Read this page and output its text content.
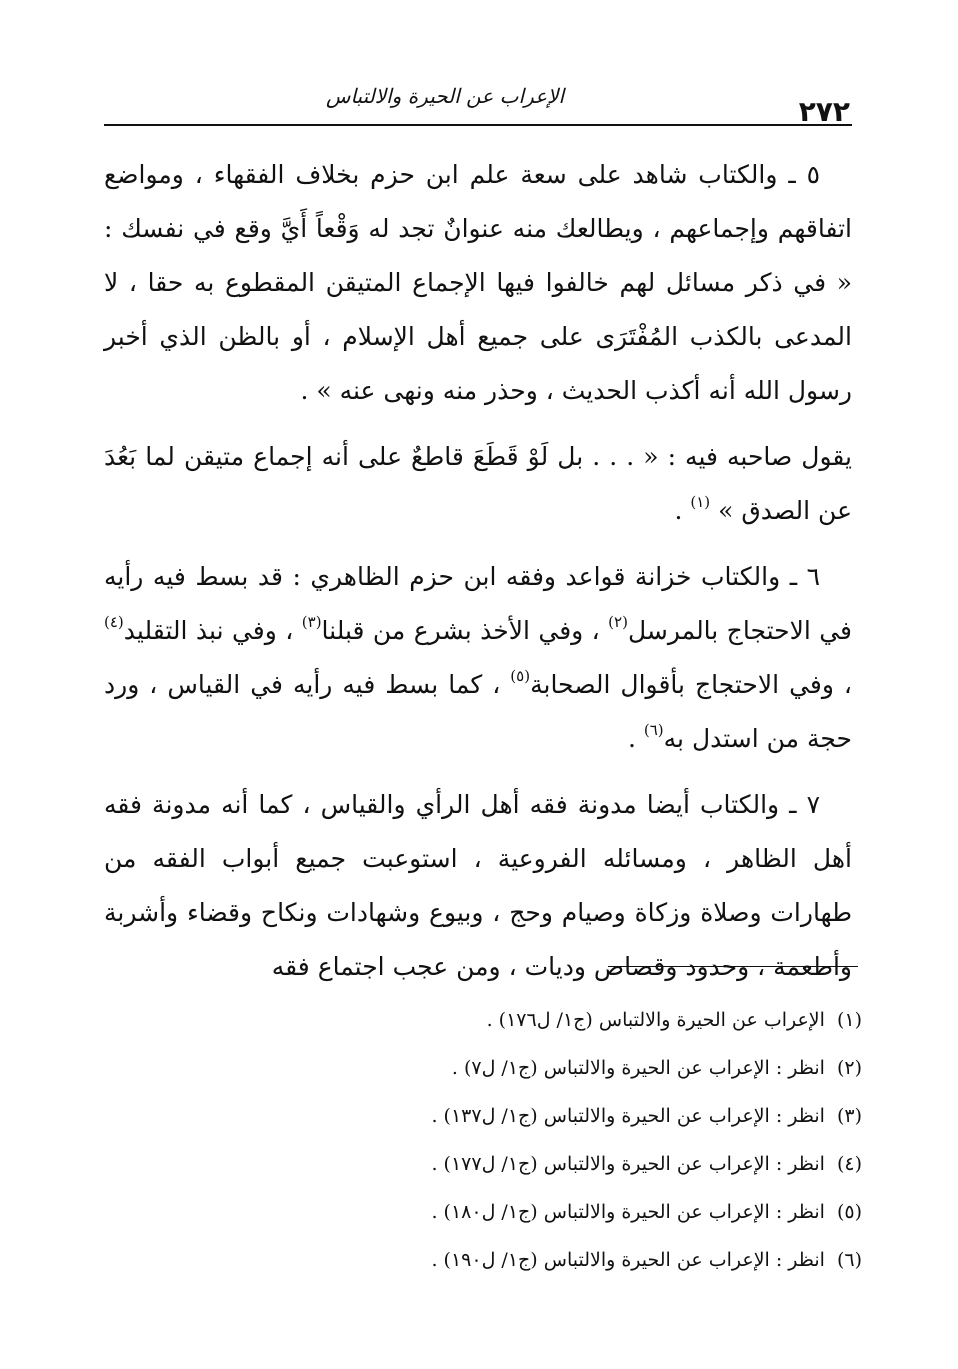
الإعراب عن الحيرة والالتباس	٢٧٢

٥ ـ والكتاب شاهد على سعة علم ابن حزم بخلاف الفقهاء ، ومواضع اتفاقهم وإجماعهم ، ويطالعك منه عنوانٌ تجد له وَقْعاً أَيَّ وقع في نفسك : « في ذكر مسائل لهم خالفوا فيها الإجماع المتيقن المقطوع به حقا ، لا المدعى بالكذب المُفْتَرَى على جميع أهل الإسلام ، أو بالظن الذي أخبر رسول الله أنه أكذب الحديث ، وحذر منه ونهى عنه » .

يقول صاحبه فيه : « . . . بل لَوْ قَطَعَ قاطعٌ على أنه إجماع متيقن لما بَعُدَ عن الصدق » $^{(١)}$ .

٦ ـ والكتاب خزانة قواعد وفقه ابن حزم الظاهري : قد بسط فيه رأيه في الاحتجاج بالمرسل$^{(٢)}$ ، وفي الأخذ بشرع من قبلنا$^{(٣)}$ ، وفي نبذ التقليد$^{(٤)}$ ، وفي الاحتجاج بأقوال الصحابة$^{(٥)}$ ، كما بسط فيه رأيه في القياس ، ورد حجة من استدل به$^{(٦)}$ .

٧ ـ والكتاب أيضا مدونة فقه أهل الرأي والقياس ، كما أنه مدونة فقه أهل الظاهر ، ومسائله الفروعية ، استوعبت جميع أبواب الفقه من طهارات وصلاة وزكاة وصيام وحج ، وبيوع وشهادات ونكاح وقضاء وأشربة وأطعمة ، وحدود وقصاص وديات ، ومن عجب اجتماع فقه

(١)الإعراب عن الحيرة والالتباس (ج١/ ل١٧٦) .
(٢)انظر : الإعراب عن الحيرة والالتباس (ج١/ ل٧) .
(٣)انظر : الإعراب عن الحيرة والالتباس (ج١/ ل١٣٧) .
(٤)انظر : الإعراب عن الحيرة والالتباس (ج١/ ل١٧٧) .
(٥)انظر : الإعراب عن الحيرة والالتباس (ج١/ ل١٨٠) .
(٦)انظر : الإعراب عن الحيرة والالتباس (ج١/ ل١٩٠) .
